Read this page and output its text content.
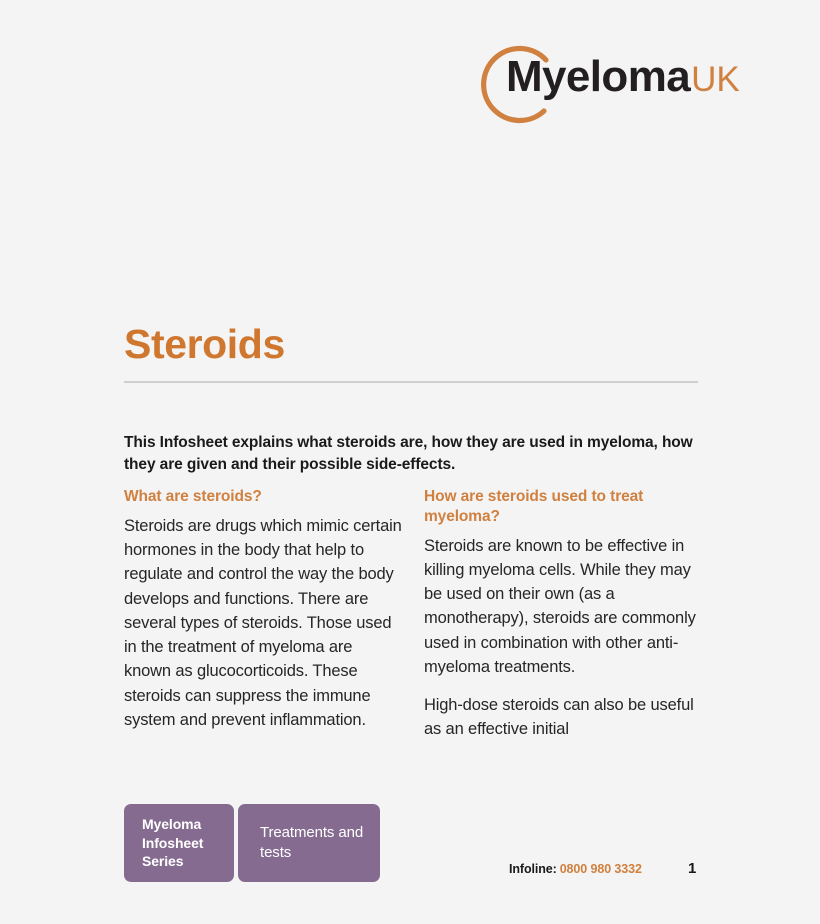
MyelomaUK
Steroids

This Infosheet explains what steroids are, how they are used in myeloma, how they are given and their possible side-effects.

What are steroids?

Steroids are drugs which mimic certain hormones in the body that help to regulate and control the way the body develops and functions. There are several types of steroids. Those used in the treatment of myeloma are known as glucocorticoids. These steroids can suppress the immune system and prevent inflammation.

How are steroids used to treat myeloma?

Steroids are known to be effective in killing myeloma cells. While they may be used on their own (as a monotherapy), steroids are commonly used in combination with other anti-myeloma treatments.

High-dose steroids can also be useful as an effective initial

Myeloma Infosheet Series
Treatments and tests
Infoline: 0800 980 3332	1
